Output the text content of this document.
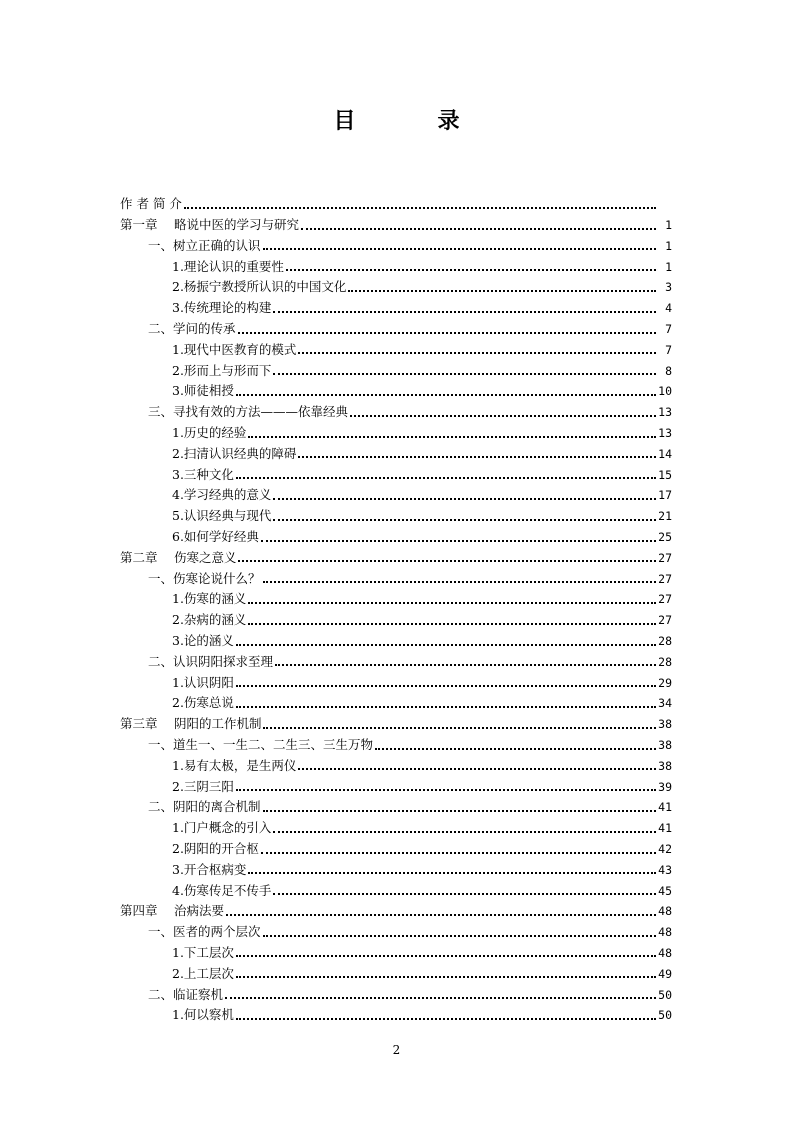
目　录
作 者 简 介
第一章　 略说中医的学习与研究	1
一、树立正确的认识	1
1.理论认识的重要性	1
2.杨振宁教授所认识的中国文化	3
3.传统理论的构建	4
二、学问的传承	7
1.现代中医教育的模式	7
2.形而上与形而下	8
3.师徒相授	10
三、寻找有效的方法———依靠经典	13
1.历史的经验	13
2.扫清认识经典的障碍	14
3.三种文化	15
4.学习经典的意义	17
5.认识经典与现代	21
6.如何学好经典	25
第二章　 伤寒之意义	27
一、伤寒论说什么？	27
1.伤寒的涵义	27
2.杂病的涵义	27
3.论的涵义	28
二、认识阴阳探求至理	28
1.认识阴阳	29
2.伤寒总说	34
第三章　 阴阳的工作机制	38
一、道生一、一生二、二生三、三生万物	38
1.易有太极，是生两仪	38
2.三阴三阳	39
二、阴阳的离合机制	41
1.门户概念的引入	41
2.阴阳的开合枢	42
3.开合枢病变	43
4.伤寒传足不传手	45
第四章　 治病法要	48
一、医者的两个层次	48
1.下工层次	48
2.上工层次	49
二、临证察机	50
1.何以察机	50
2
